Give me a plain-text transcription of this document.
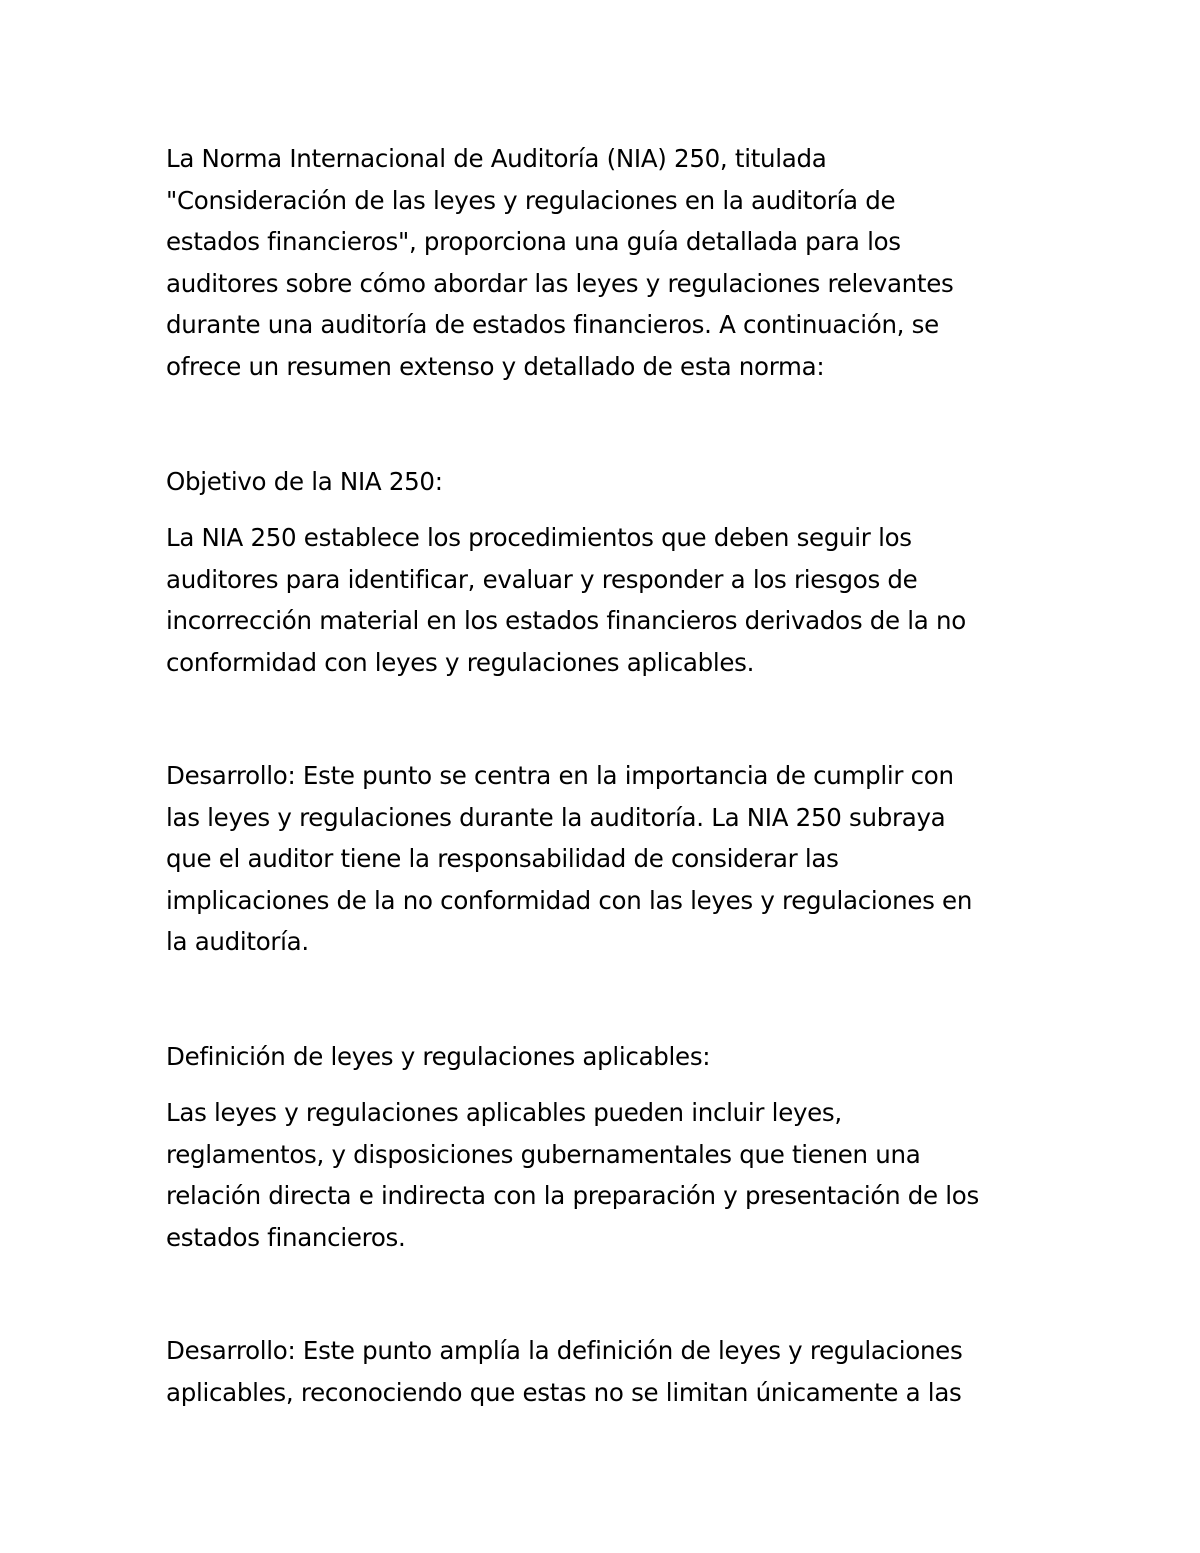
La Norma Internacional de Auditoría (NIA) 250, titulada
"Consideración de las leyes y regulaciones en la auditoría de
estados financieros", proporciona una guía detallada para los
auditores sobre cómo abordar las leyes y regulaciones relevantes
durante una auditoría de estados financieros. A continuación, se
ofrece un resumen extenso y detallado de esta norma:
Objetivo de la NIA 250:
La NIA 250 establece los procedimientos que deben seguir los
auditores para identificar, evaluar y responder a los riesgos de
incorrección material en los estados financieros derivados de la no
conformidad con leyes y regulaciones aplicables.
Desarrollo: Este punto se centra en la importancia de cumplir con
las leyes y regulaciones durante la auditoría. La NIA 250 subraya
que el auditor tiene la responsabilidad de considerar las
implicaciones de la no conformidad con las leyes y regulaciones en
la auditoría.
Definición de leyes y regulaciones aplicables:
Las leyes y regulaciones aplicables pueden incluir leyes,
reglamentos, y disposiciones gubernamentales que tienen una
relación directa e indirecta con la preparación y presentación de los
estados financieros.
Desarrollo: Este punto amplía la definición de leyes y regulaciones
aplicables, reconociendo que estas no se limitan únicamente a las
